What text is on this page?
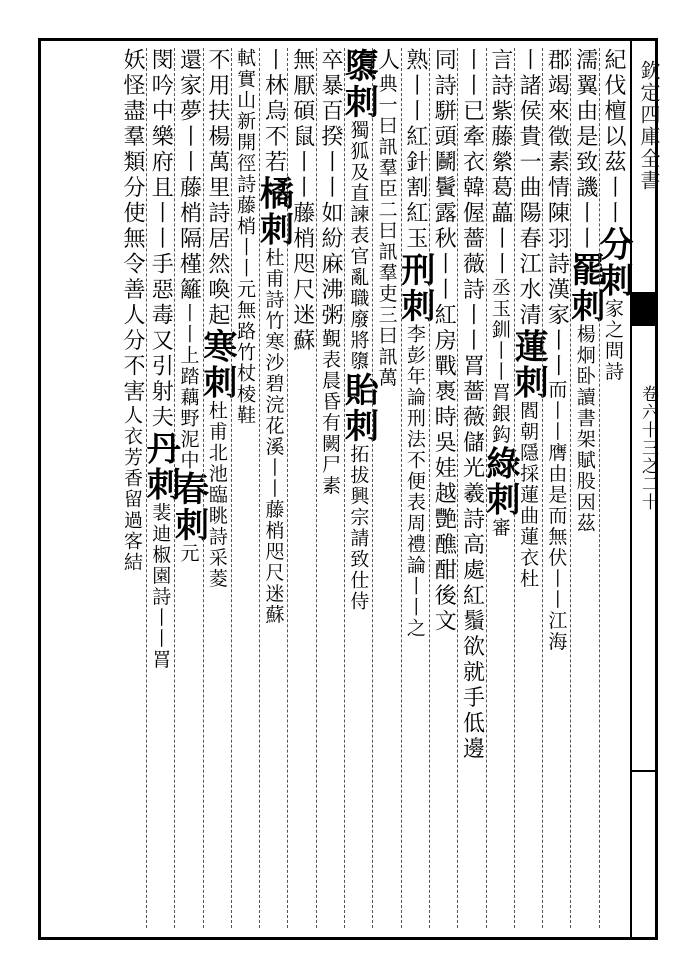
欽定四庫全書
卷六十三之二十
紀伐檀以茲丨丨分刺家之問詩
濡翼由是致譏丨丨罷刺楊炯卧讀書架賦股因茲
郡竭來徵素情陳羽詩漢家丨丨而丨丨膺由是而無伏丨丨江海
丨諸侯貴一曲陽春江水清蓮刺閻朝隱採蓮曲蓮衣杜
言詩紫藤縈葛藟丨丨丞玉釧丨丨罥銀鈎綠刺審
丨丨已牽衣韓偓薔薇詩丨丨罥薔薇儲光羲詩高處紅鬚欲就手低邊
同詩駢頭鬭鬢露秋丨丨紅房戰褭時吳娃越艷醮酣後文
熟丨丨紅針割紅玉刑刺李彭年論刑法不便表周禮論丨丨之
人典一曰訊羣臣二曰訊羣吏三曰訊萬
隳刺獨狐及直諫表官亂職廢將隳貽刺拓拔興宗請致仕侍
卒暴百揆丨丨如紛麻沸粥覲表晨昏有闕尸素
無厭碩鼠丨丨藤梢咫尺迷蘇
丨林烏不若橘刺杜甫詩竹寒沙碧浣花溪丨丨藤梢咫尺迷蘇
軾實山新開徑詩藤梢丨丨元無路竹杖棱鞋
不用扶楊萬里詩居然喚起寒刺杜甫北池臨眺詩采菱
還家夢丨丨藤梢隔槿籬丨丨上踏藕野泥中春刺元
閔吟中樂府且丨丨手惡毒又引射夫丹刺裴迪椒園詩丨丨罥
妖怪盡羣類分使無令善人分不害人衣芳香留過客結
